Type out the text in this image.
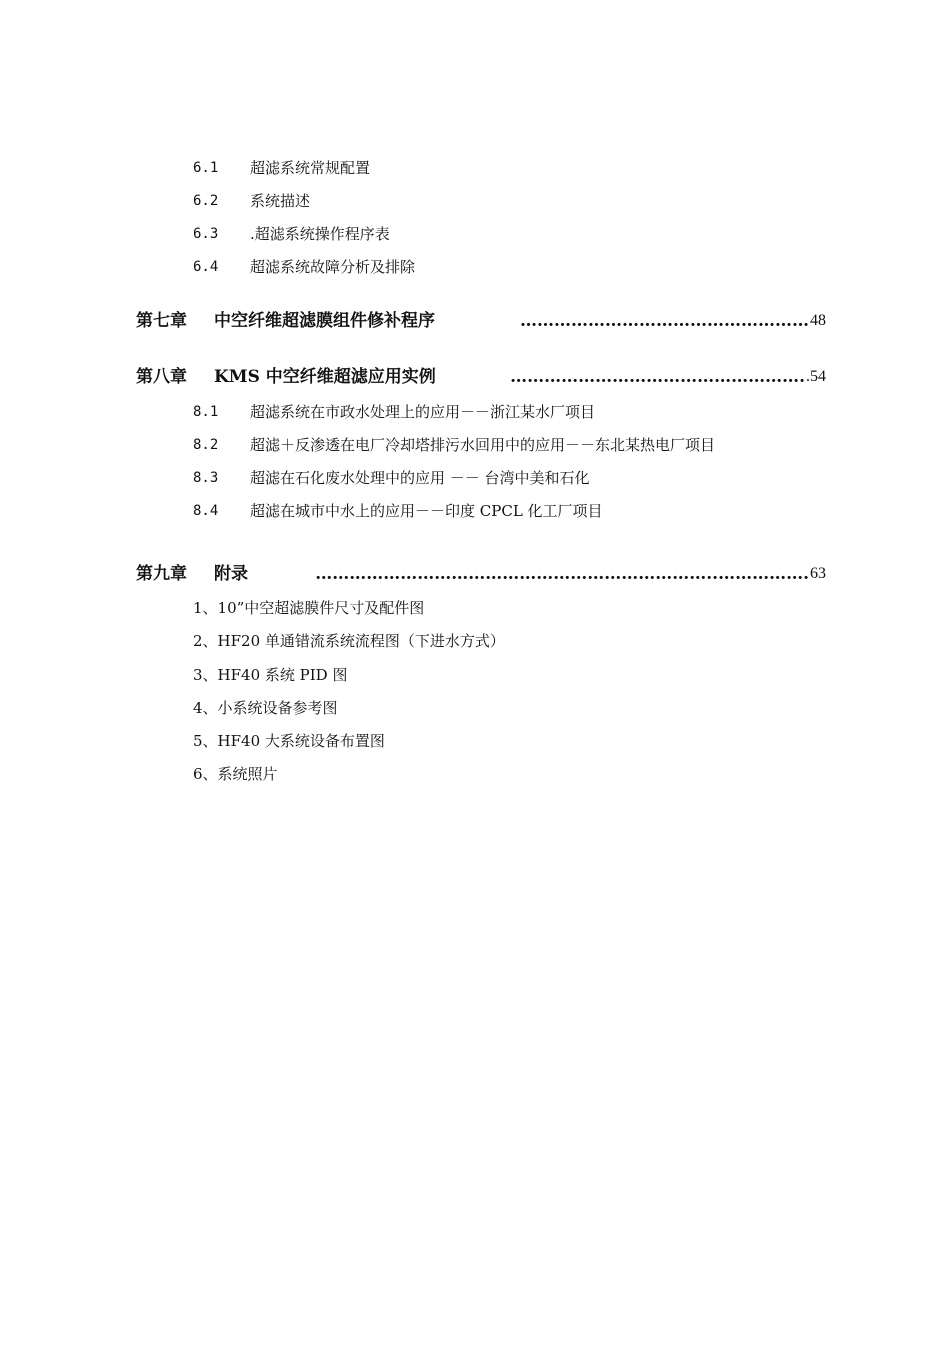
6.1 超滤系统常规配置
6.2 系统描述
6.3 .超滤系统操作程序表
6.4 超滤系统故障分析及排除
第七章 中空纤维超滤膜组件修补程序	…………………………………………… 48
第八章 KMS 中空纤维超滤应用实例	……………………………………………. .54
8.1 超滤系统在市政水处理上的应用－－浙江某水厂项目
8.2 超滤＋反渗透在电厂冷却塔排污水回用中的应用－－东北某热电厂项目
8.3 超滤在石化废水处理中的应用 －－ 台湾中美和石化
8.4 超滤在城市中水上的应用－－印度 CPCL 化工厂项目
第九章 附录	……………………………………………………………..……………. 63
1、10”中空超滤膜件尺寸及配件图
2、HF20 单通错流系统流程图（下进水方式）
3、HF40 系统 PID 图
4、小系统设备参考图
5、HF40 大系统设备布置图
6、系统照片
